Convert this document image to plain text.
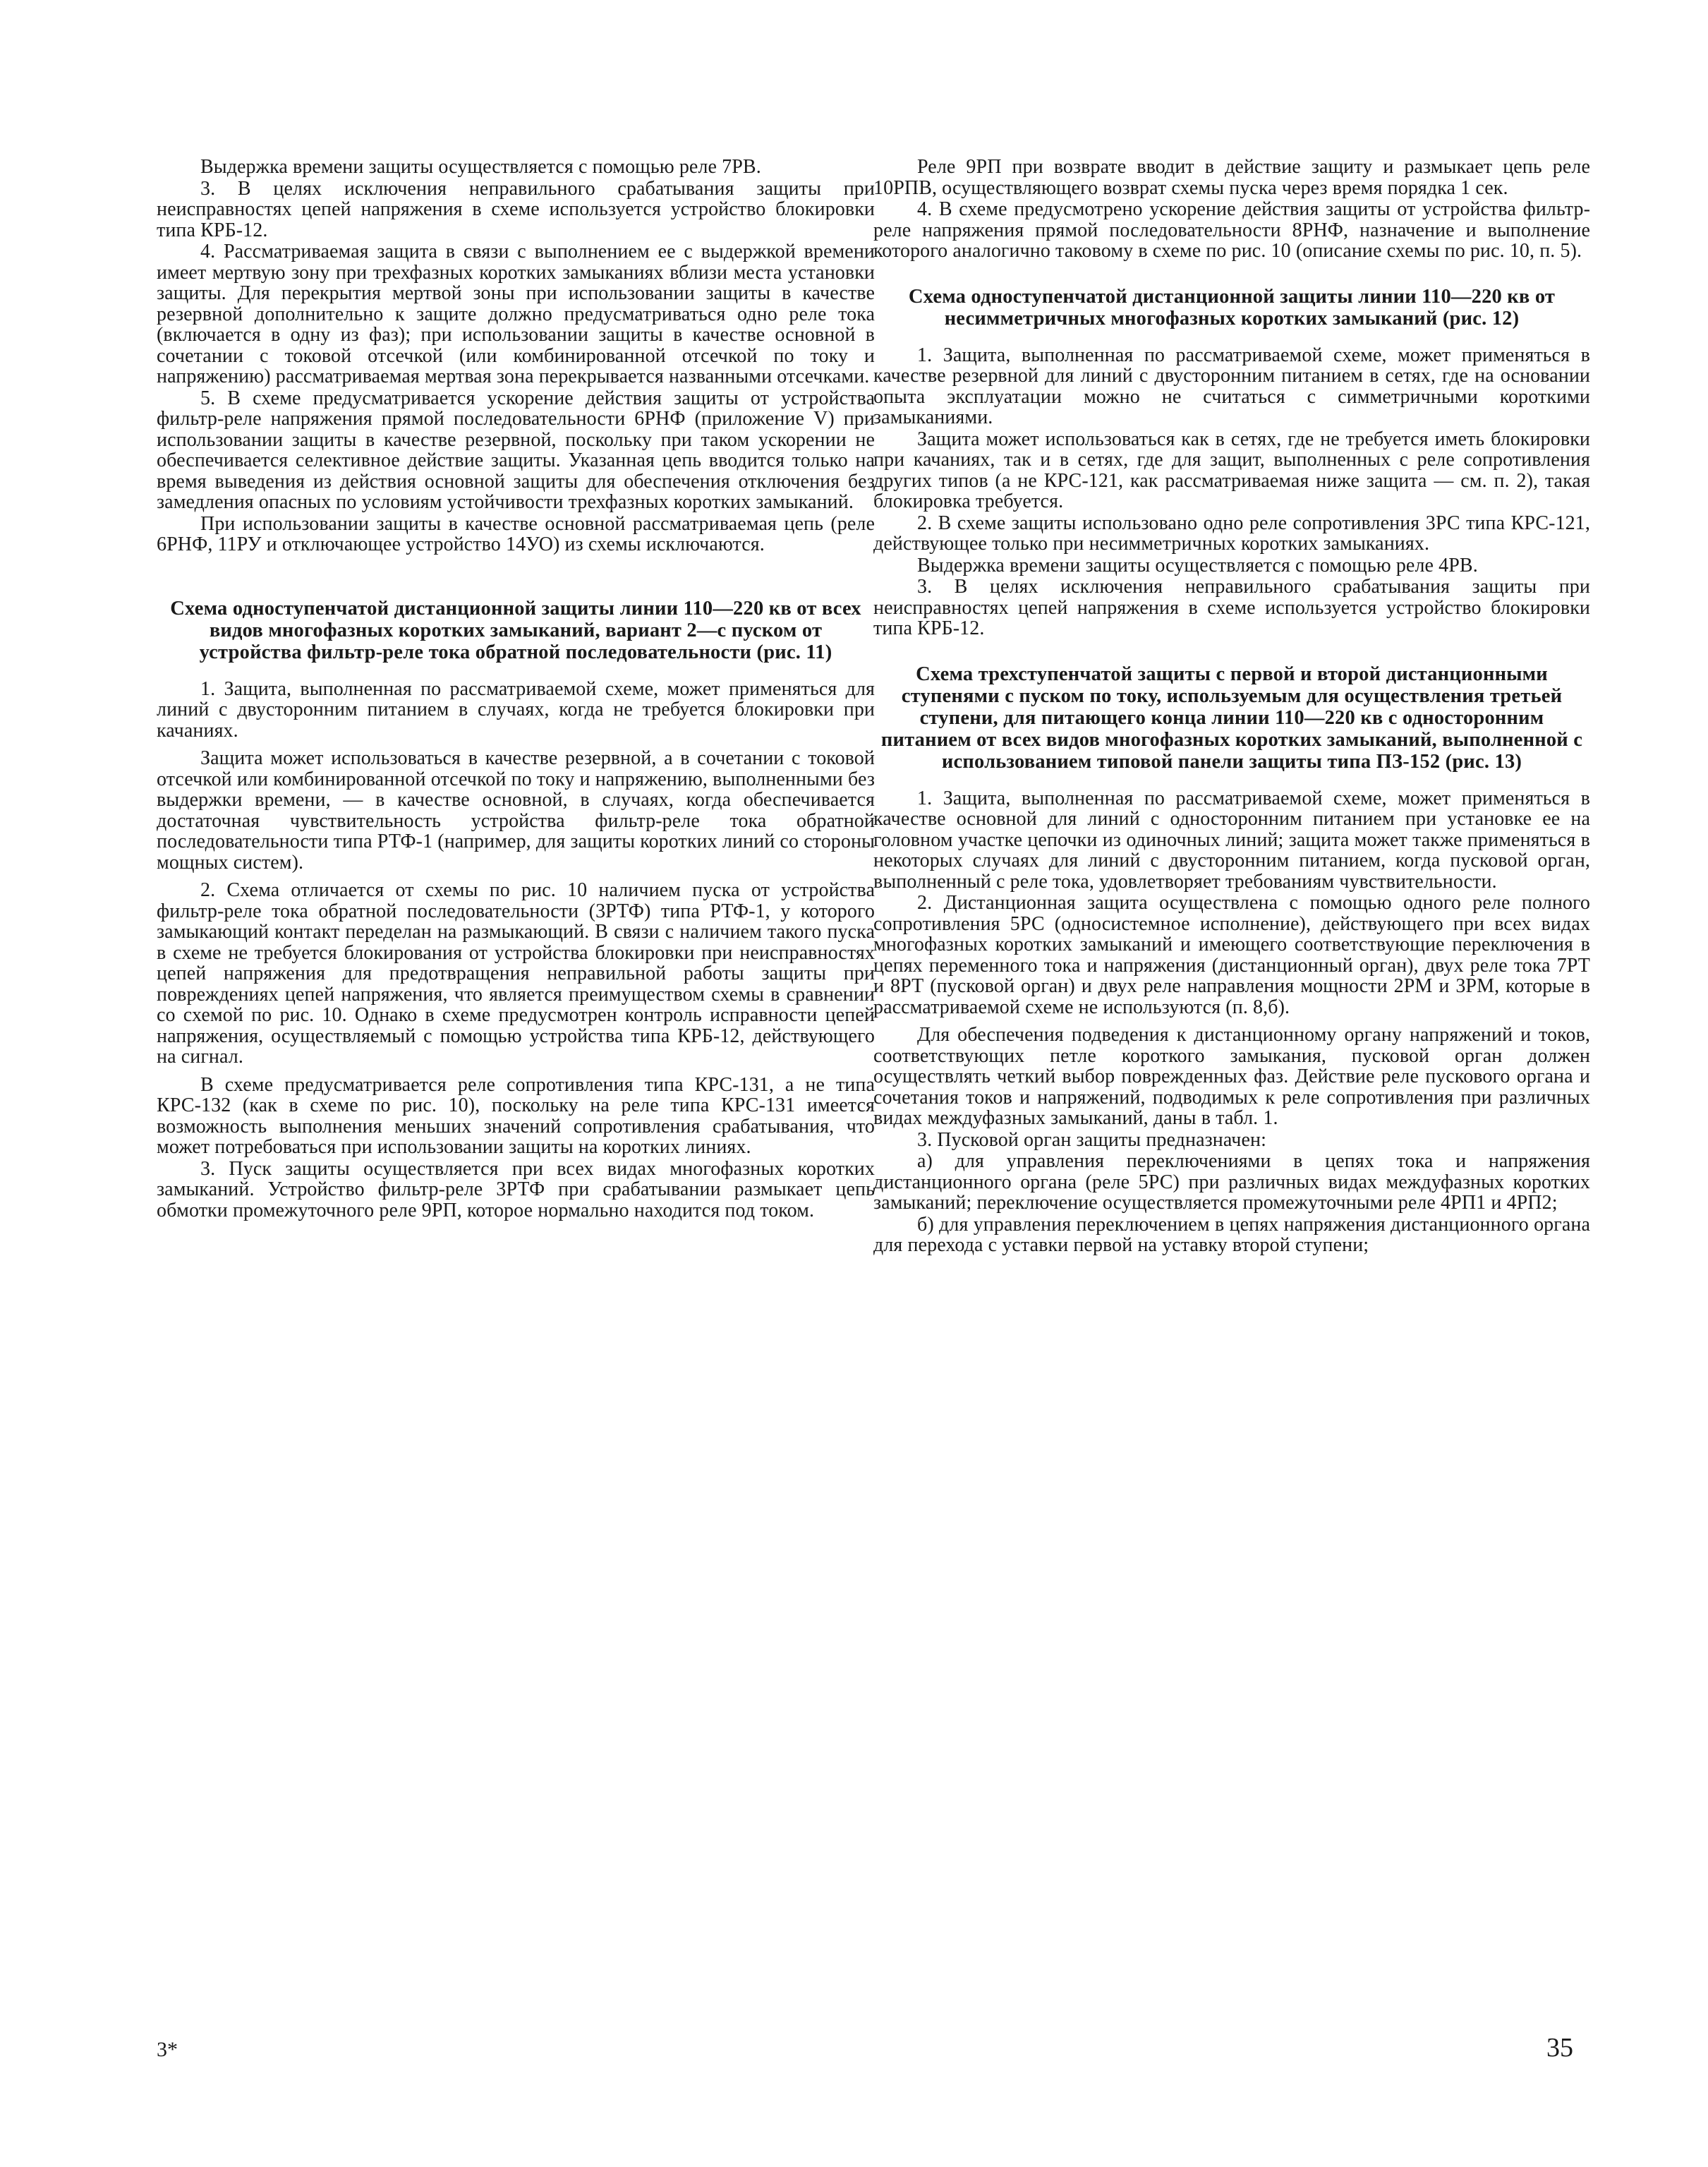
Выдержка времени защиты осуществляется с помощью реле 7РВ.

3. В целях исключения неправильного срабатывания защиты при неисправностях цепей напряжения в схеме используется устройство блокировки типа КРБ-12.

4. Рассматриваемая защита в связи с выполнением ее с выдержкой времени имеет мертвую зону при трехфазных коротких замыканиях вблизи места установки защиты. Для перекрытия мертвой зоны при использовании защиты в качестве резервной дополнительно к защите должно предусматриваться одно реле тока (включается в одну из фаз); при использовании защиты в качестве основной в сочетании с токовой отсечкой (или комбинированной отсечкой по току и напряжению) рассматриваемая мертвая зона перекрывается названными отсечками.

5. В схеме предусматривается ускорение действия защиты от устройства фильтр-реле напряжения прямой последовательности 6РНФ (приложение V) при использовании защиты в качестве резервной, поскольку при таком ускорении не обеспечивается селективное действие защиты. Указанная цепь вводится только на время выведения из действия основной защиты для обеспечения отключения без замедления опасных по условиям устойчивости трехфазных коротких замыканий.

При использовании защиты в качестве основной рассматриваемая цепь (реле 6РНФ, 11РУ и отключающее устройство 14УО) из схемы исключаются.

Схема одноступенчатой дистанционной защиты линии 110—220 кв от всех видов многофазных коротких замыканий, вариант 2—с пуском от устройства фильтр-реле тока обратной последовательности (рис. 11)

1. Защита, выполненная по рассматриваемой схеме, может применяться для линий с двусторонним питанием в случаях, когда не требуется блокировки при качаниях.

Защита может использоваться в качестве резервной, а в сочетании с токовой отсечкой или комбинированной отсечкой по току и напряжению, выполненными без выдержки времени, — в качестве основной, в случаях, когда обеспечивается достаточная чувствительность устройства фильтр-реле тока обратной последовательности типа РТФ-1 (например, для защиты коротких линий со стороны мощных систем).

2. Схема отличается от схемы по рис. 10 наличием пуска от устройства фильтр-реле тока обратной последовательности (3РТФ) типа РТФ-1, у которого замыкающий контакт переделан на размыкающий. В связи с наличием такого пуска в схеме не требуется блокирования от устройства блокировки при неисправностях цепей напряжения для предотвращения неправильной работы защиты при повреждениях цепей напряжения, что является преимуществом схемы в сравнении со схемой по рис. 10. Однако в схеме предусмотрен контроль исправности цепей напряжения, осуществляемый с помощью устройства типа КРБ-12, действующего на сигнал.

В схеме предусматривается реле сопротивления типа КРС-131, а не типа КРС-132 (как в схеме по рис. 10), поскольку на реле типа КРС-131 имеется возможность выполнения меньших значений сопротивления срабатывания, что может потребоваться при использовании защиты на коротких линиях.

3. Пуск защиты осуществляется при всех видах многофазных коротких замыканий. Устройство фильтр-реле 3РТФ при срабатывании размыкает цепь обмотки промежуточного реле 9РП, которое нормально находится под током.

Реле 9РП при возврате вводит в действие защиту и размыкает цепь реле 10РПВ, осуществляющего возврат схемы пуска через время порядка 1 сек.

4. В схеме предусмотрено ускорение действия защиты от устройства фильтр-реле напряжения прямой последовательности 8РНФ, назначение и выполнение которого аналогично таковому в схеме по рис. 10 (описание схемы по рис. 10, п. 5).

Схема одноступенчатой дистанционной защиты линии 110—220 кв от несимметричных многофазных коротких замыканий (рис. 12)

1. Защита, выполненная по рассматриваемой схеме, может применяться в качестве резервной для линий с двусторонним питанием в сетях, где на основании опыта эксплуатации можно не считаться с симметричными короткими замыканиями.

Защита может использоваться как в сетях, где не требуется иметь блокировки при качаниях, так и в сетях, где для защит, выполненных с реле сопротивления других типов (а не КРС-121, как рассматриваемая ниже защита — см. п. 2), такая блокировка требуется.

2. В схеме защиты использовано одно реле сопротивления 3РС типа КРС-121, действующее только при несимметричных коротких замыканиях.

Выдержка времени защиты осуществляется с помощью реле 4РВ.

3. В целях исключения неправильного срабатывания защиты при неисправностях цепей напряжения в схеме используется устройство блокировки типа КРБ-12.

Схема трехступенчатой защиты с первой и второй дистанционными ступенями с пуском по току, используемым для осуществления третьей ступени, для питающего конца линии 110—220 кв с односторонним питанием от всех видов многофазных коротких замыканий, выполненной с использованием типовой панели защиты типа ПЗ-152 (рис. 13)

1. Защита, выполненная по рассматриваемой схеме, может применяться в качестве основной для линий с односторонним питанием при установке ее на головном участке цепочки из одиночных линий; защита может также применяться в некоторых случаях для линий с двусторонним питанием, когда пусковой орган, выполненный с реле тока, удовлетворяет требованиям чувствительности.

2. Дистанционная защита осуществлена с помощью одного реле полного сопротивления 5РС (односистемное исполнение), действующего при всех видах многофазных коротких замыканий и имеющего соответствующие переключения в цепях переменного тока и напряжения (дистанционный орган), двух реле тока 7РТ и 8РТ (пусковой орган) и двух реле направления мощности 2РМ и 3РМ, которые в рассматриваемой схеме не используются (п. 8,б).

Для обеспечения подведения к дистанционному органу напряжений и токов, соответствующих петле короткого замыкания, пусковой орган должен осуществлять четкий выбор поврежденных фаз. Действие реле пускового органа и сочетания токов и напряжений, подводимых к реле сопротивления при различных видах междуфазных замыканий, даны в табл. 1.

3. Пусковой орган защиты предназначен:

а) для управления переключениями в цепях тока и напряжения дистанционного органа (реле 5РС) при различных видах междуфазных коротких замыканий; переключение осуществляется промежуточными реле 4РП1 и 4РП2;

б) для управления переключением в цепях напряжения дистанционного органа для перехода с уставки первой на уставку второй ступени;

3*	35
